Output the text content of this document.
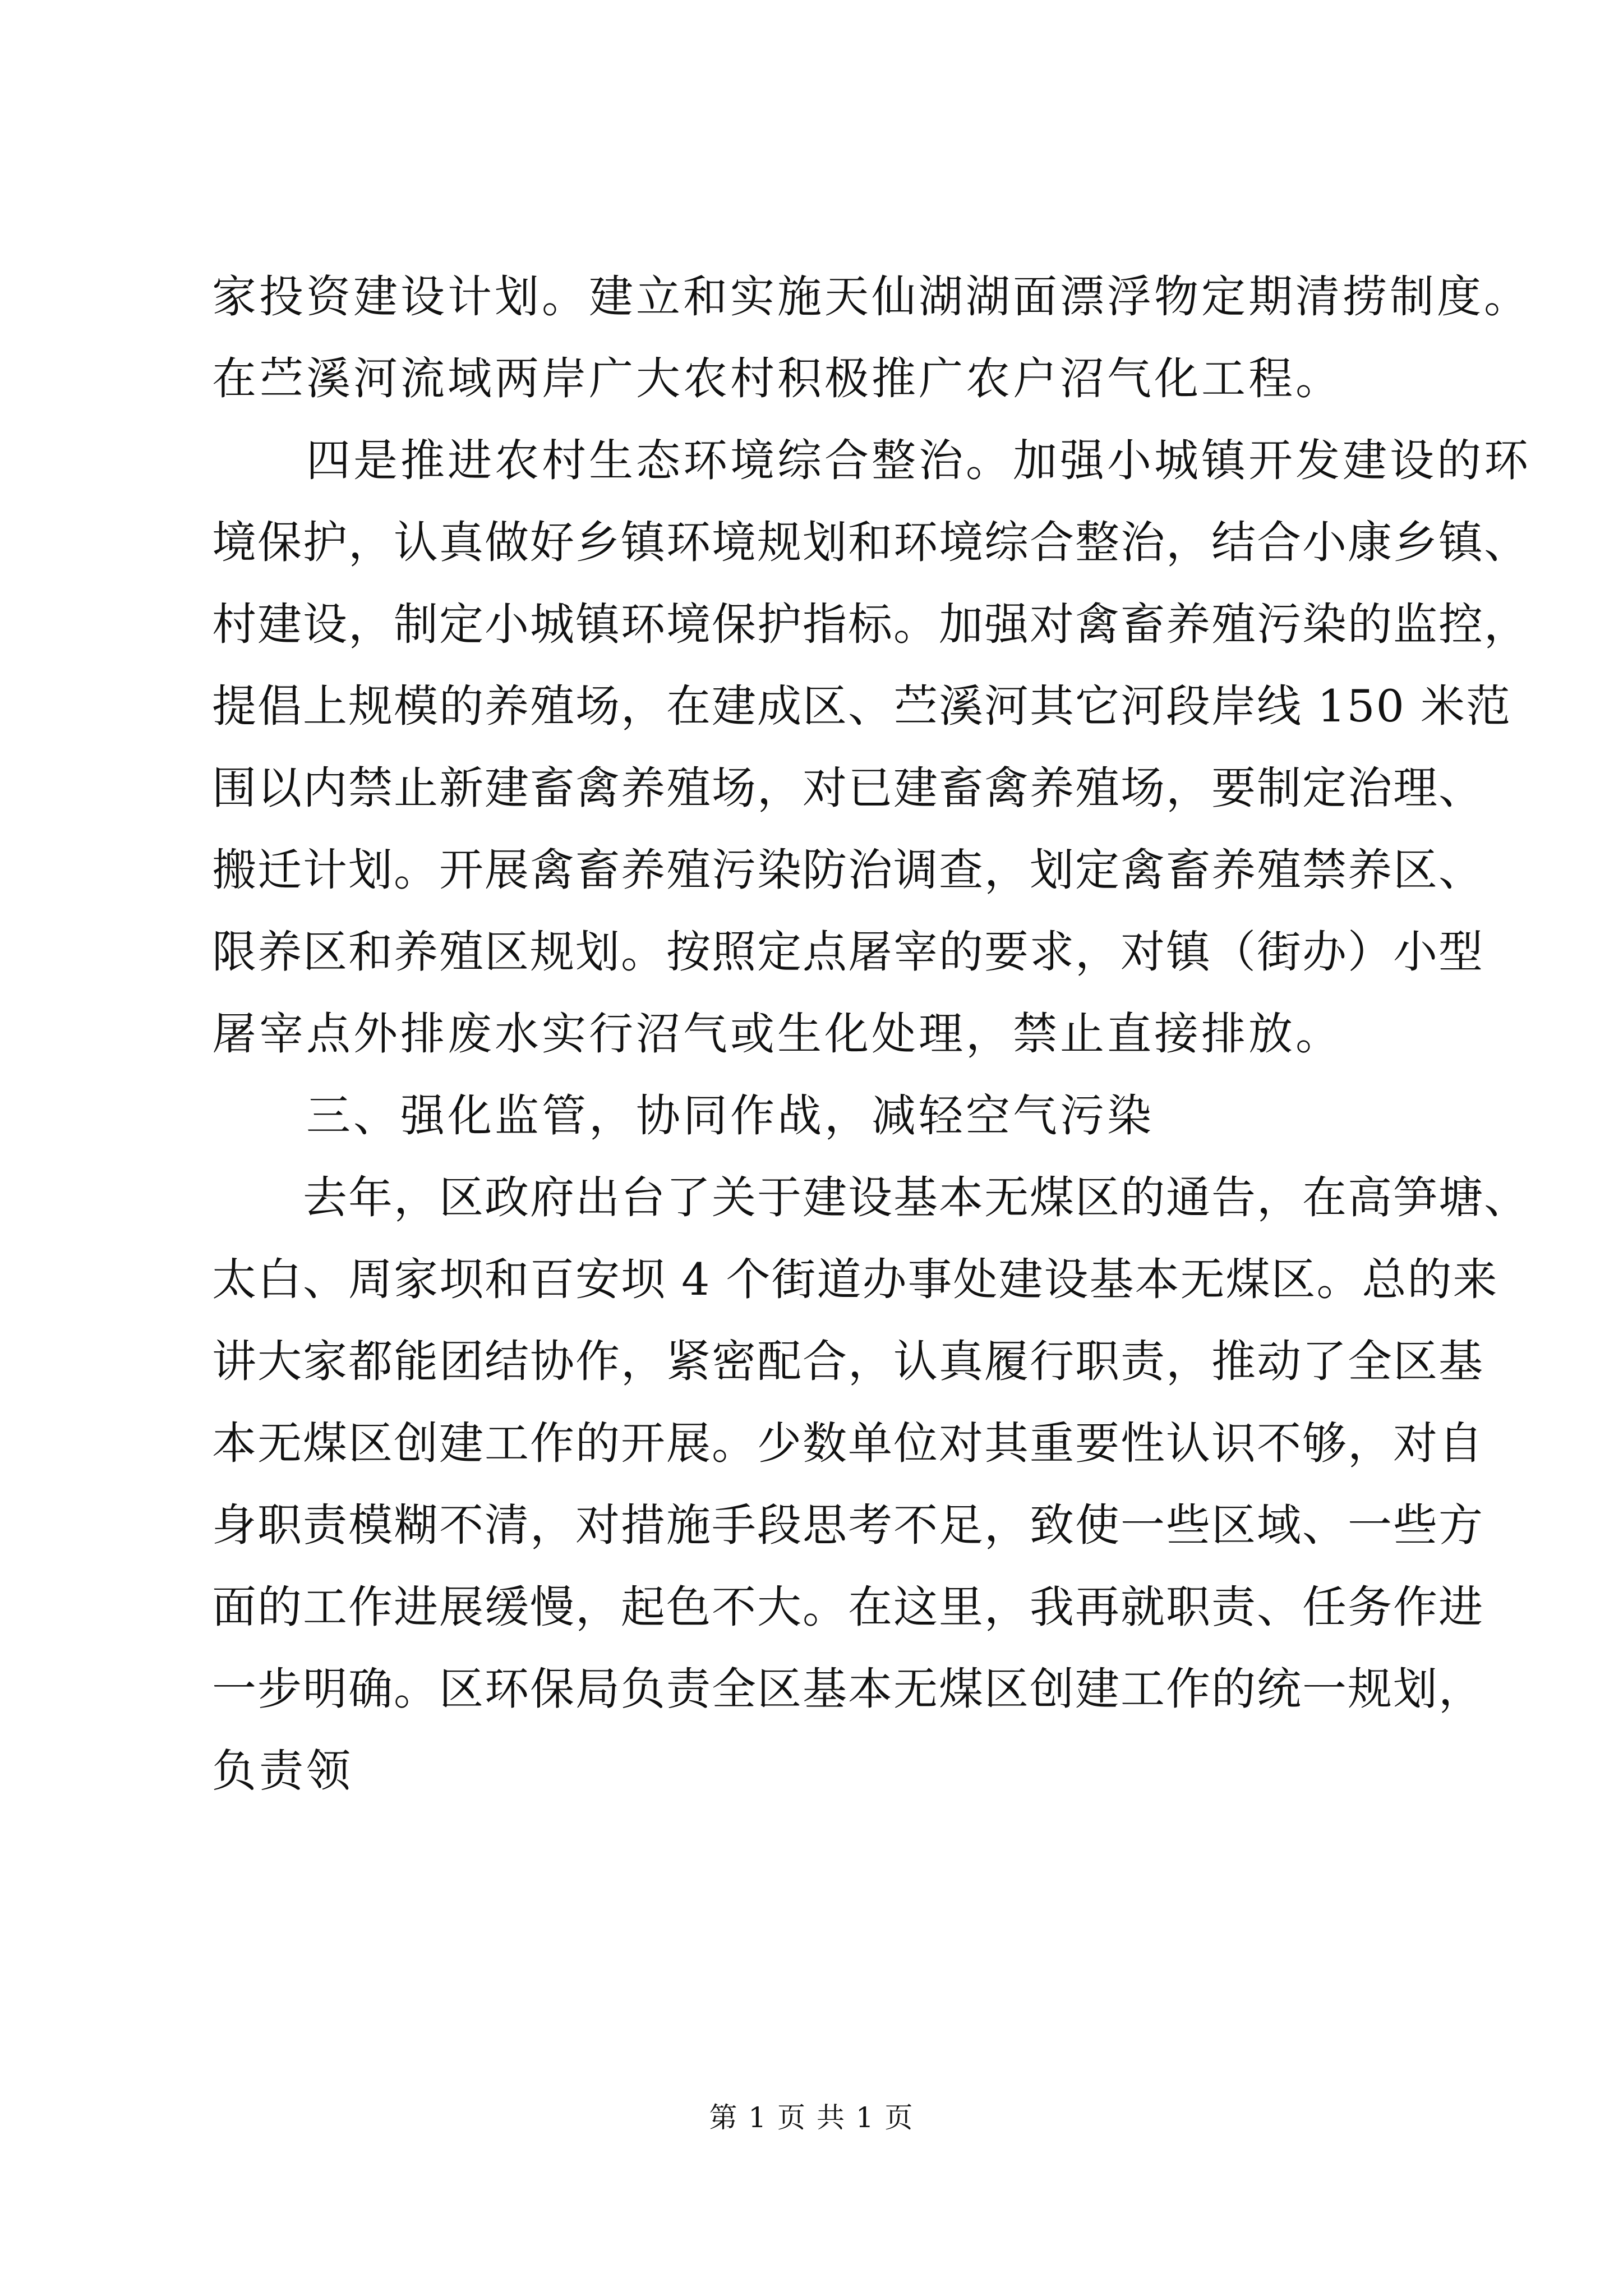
家投资建设计划。建立和实施天仙湖湖面漂浮物定期清捞制度。
在苎溪河流域两岸广大农村积极推广农户沼气化工程。
　　四是推进农村生态环境综合整治。加强小城镇开发建设的环
境保护，认真做好乡镇环境规划和环境综合整治，结合小康乡镇、
村建设，制定小城镇环境保护指标。加强对禽畜养殖污染的监控，
提倡上规模的养殖场，在建成区、苎溪河其它河段岸线 150 米范
围以内禁止新建畜禽养殖场，对已建畜禽养殖场，要制定治理、
搬迁计划。开展禽畜养殖污染防治调查，划定禽畜养殖禁养区、
限养区和养殖区规划。按照定点屠宰的要求，对镇（街办）小型
屠宰点外排废水实行沼气或生化处理，禁止直接排放。
　　三、强化监管，协同作战，减轻空气污染
　　去年，区政府出台了关于建设基本无煤区的通告，在高笋塘、
太白、周家坝和百安坝 4 个街道办事处建设基本无煤区。总的来
讲大家都能团结协作，紧密配合，认真履行职责，推动了全区基
本无煤区创建工作的开展。少数单位对其重要性认识不够，对自
身职责模糊不清，对措施手段思考不足，致使一些区域、一些方
面的工作进展缓慢，起色不大。在这里，我再就职责、任务作进
一步明确。区环保局负责全区基本无煤区创建工作的统一规划，
负责领
第 1 页 共 1 页
